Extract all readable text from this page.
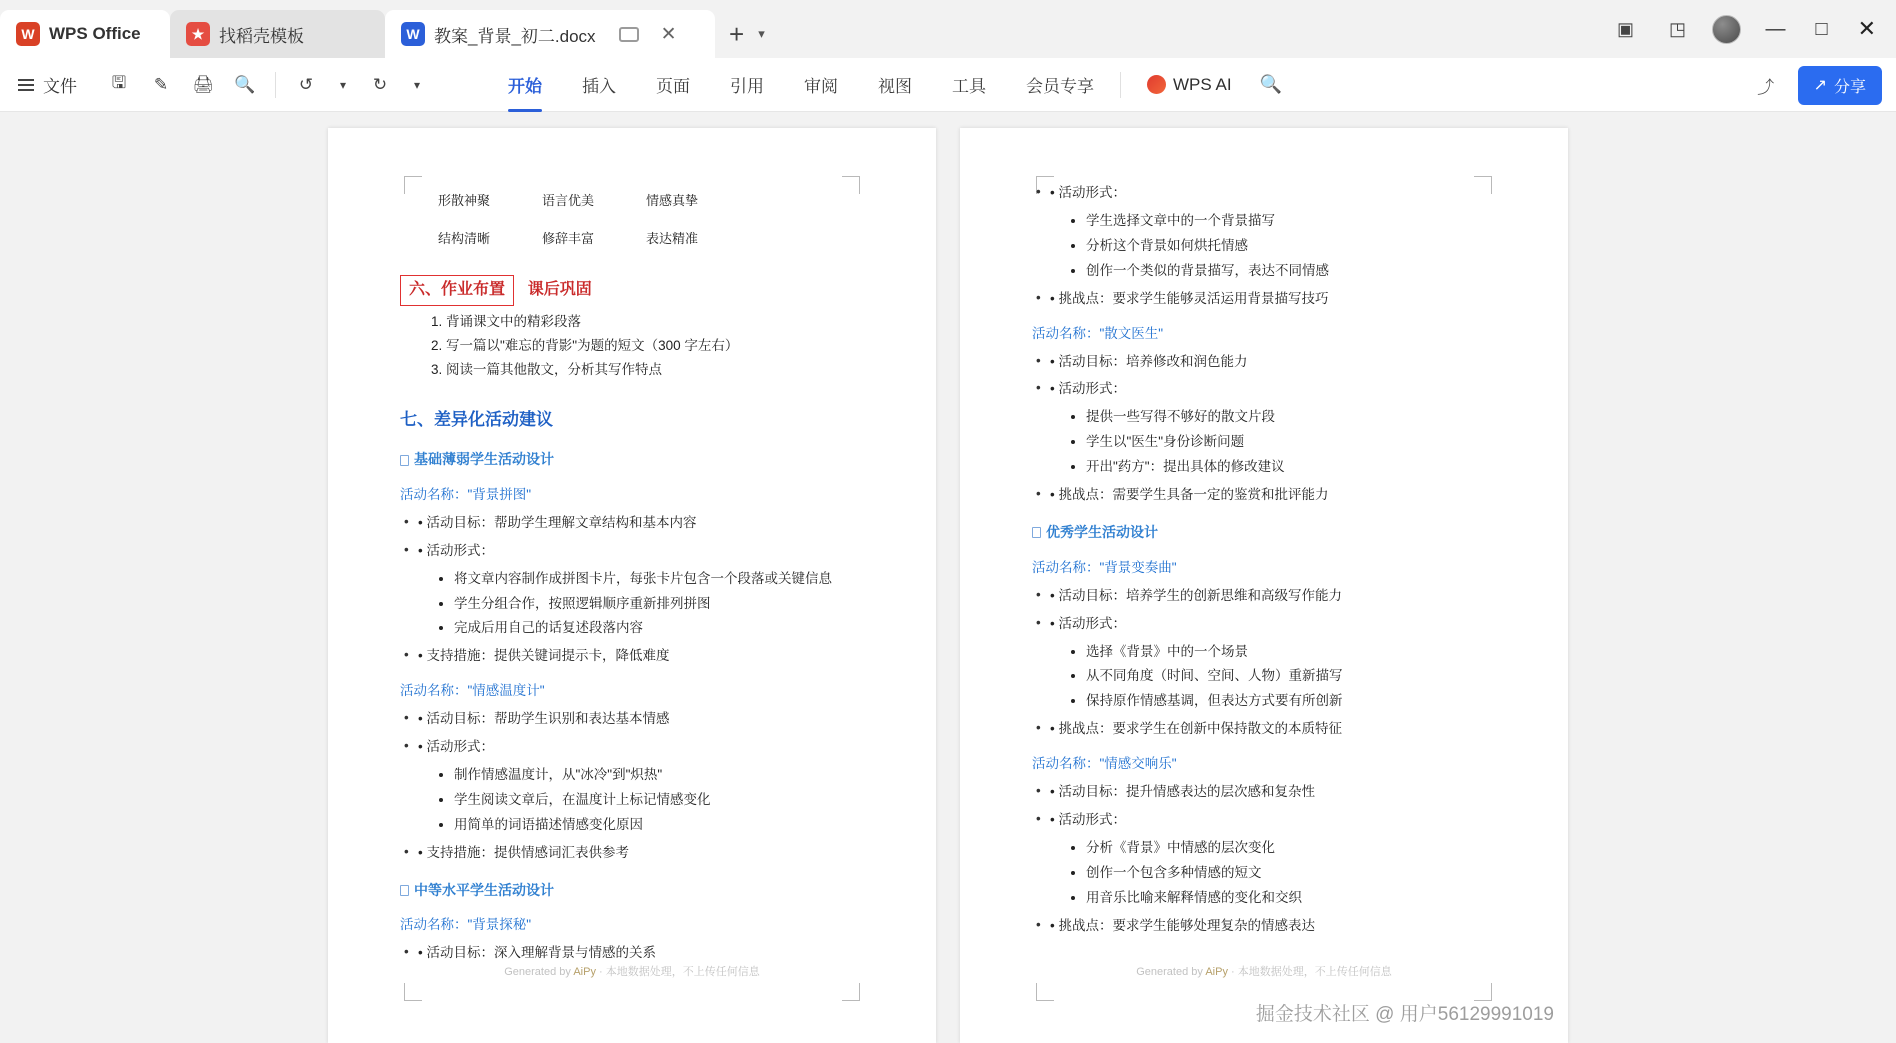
W WPS Office	★ 找稻壳模板	W 教案_背景_初二.docx	✕ + ▾	▣	◳	—	□ ✕
文件	🖫	✎	🖨	🔍	↺	▾	↻	▾	开始	插入	页面	引用	审阅	视图	工具	会员专享	WPS AI 🔍	⤴	↗ 分享
形散神聚	语言优美	情感真挚
结构清晰	修辞丰富	表达精准
六、作业布置 课后巩固
1. 背诵课文中的精彩段落
2. 写一篇以"难忘的背影"为题的短文（300 字左右）
3. 阅读一篇其他散文，分析其写作特点
七、差异化活动建议
基础薄弱学生活动设计
活动名称："背景拼图"
• • 活动目标：帮助学生理解文章结构和基本内容
• • 活动形式：
• 将文章内容制作成拼图卡片，每张卡片包含一个段落或关键信息
• 学生分组合作，按照逻辑顺序重新排列拼图
• 完成后用自己的话复述段落内容
• • 支持措施：提供关键词提示卡，降低难度
活动名称："情感温度计"
• • 活动目标：帮助学生识别和表达基本情感
• • 活动形式：
• 制作情感温度计，从"冰冷"到"炽热"
• 学生阅读文章后，在温度计上标记情感变化
• 用简单的词语描述情感变化原因
• • 支持措施：提供情感词汇表供参考
中等水平学生活动设计
活动名称："背景探秘"
• • 活动目标：深入理解背景与情感的关系
Generated by AiPy · 本地数据处理，不上传任何信息
• • 活动形式：
• 学生选择文章中的一个背景描写
• 分析这个背景如何烘托情感
• 创作一个类似的背景描写，表达不同情感
• • 挑战点：要求学生能够灵活运用背景描写技巧
活动名称："散文医生"
• • 活动目标：培养修改和润色能力
• • 活动形式：
• 提供一些写得不够好的散文片段
• 学生以"医生"身份诊断问题
• 开出"药方"：提出具体的修改建议
• • 挑战点：需要学生具备一定的鉴赏和批评能力
优秀学生活动设计
活动名称："背景变奏曲"
• • 活动目标：培养学生的创新思维和高级写作能力
• • 活动形式：
• 选择《背景》中的一个场景
• 从不同角度（时间、空间、人物）重新描写
• 保持原作情感基调，但表达方式要有所创新
• • 挑战点：要求学生在创新中保持散文的本质特征
活动名称："情感交响乐"
• • 活动目标：提升情感表达的层次感和复杂性
• • 活动形式：
• 分析《背景》中情感的层次变化
• 创作一个包含多种情感的短文
• 用音乐比喻来解释情感的变化和交织
• • 挑战点：要求学生能够处理复杂的情感表达
Generated by AiPy · 本地数据处理，不上传任何信息
掘金技术社区 @ 用户56129991019
